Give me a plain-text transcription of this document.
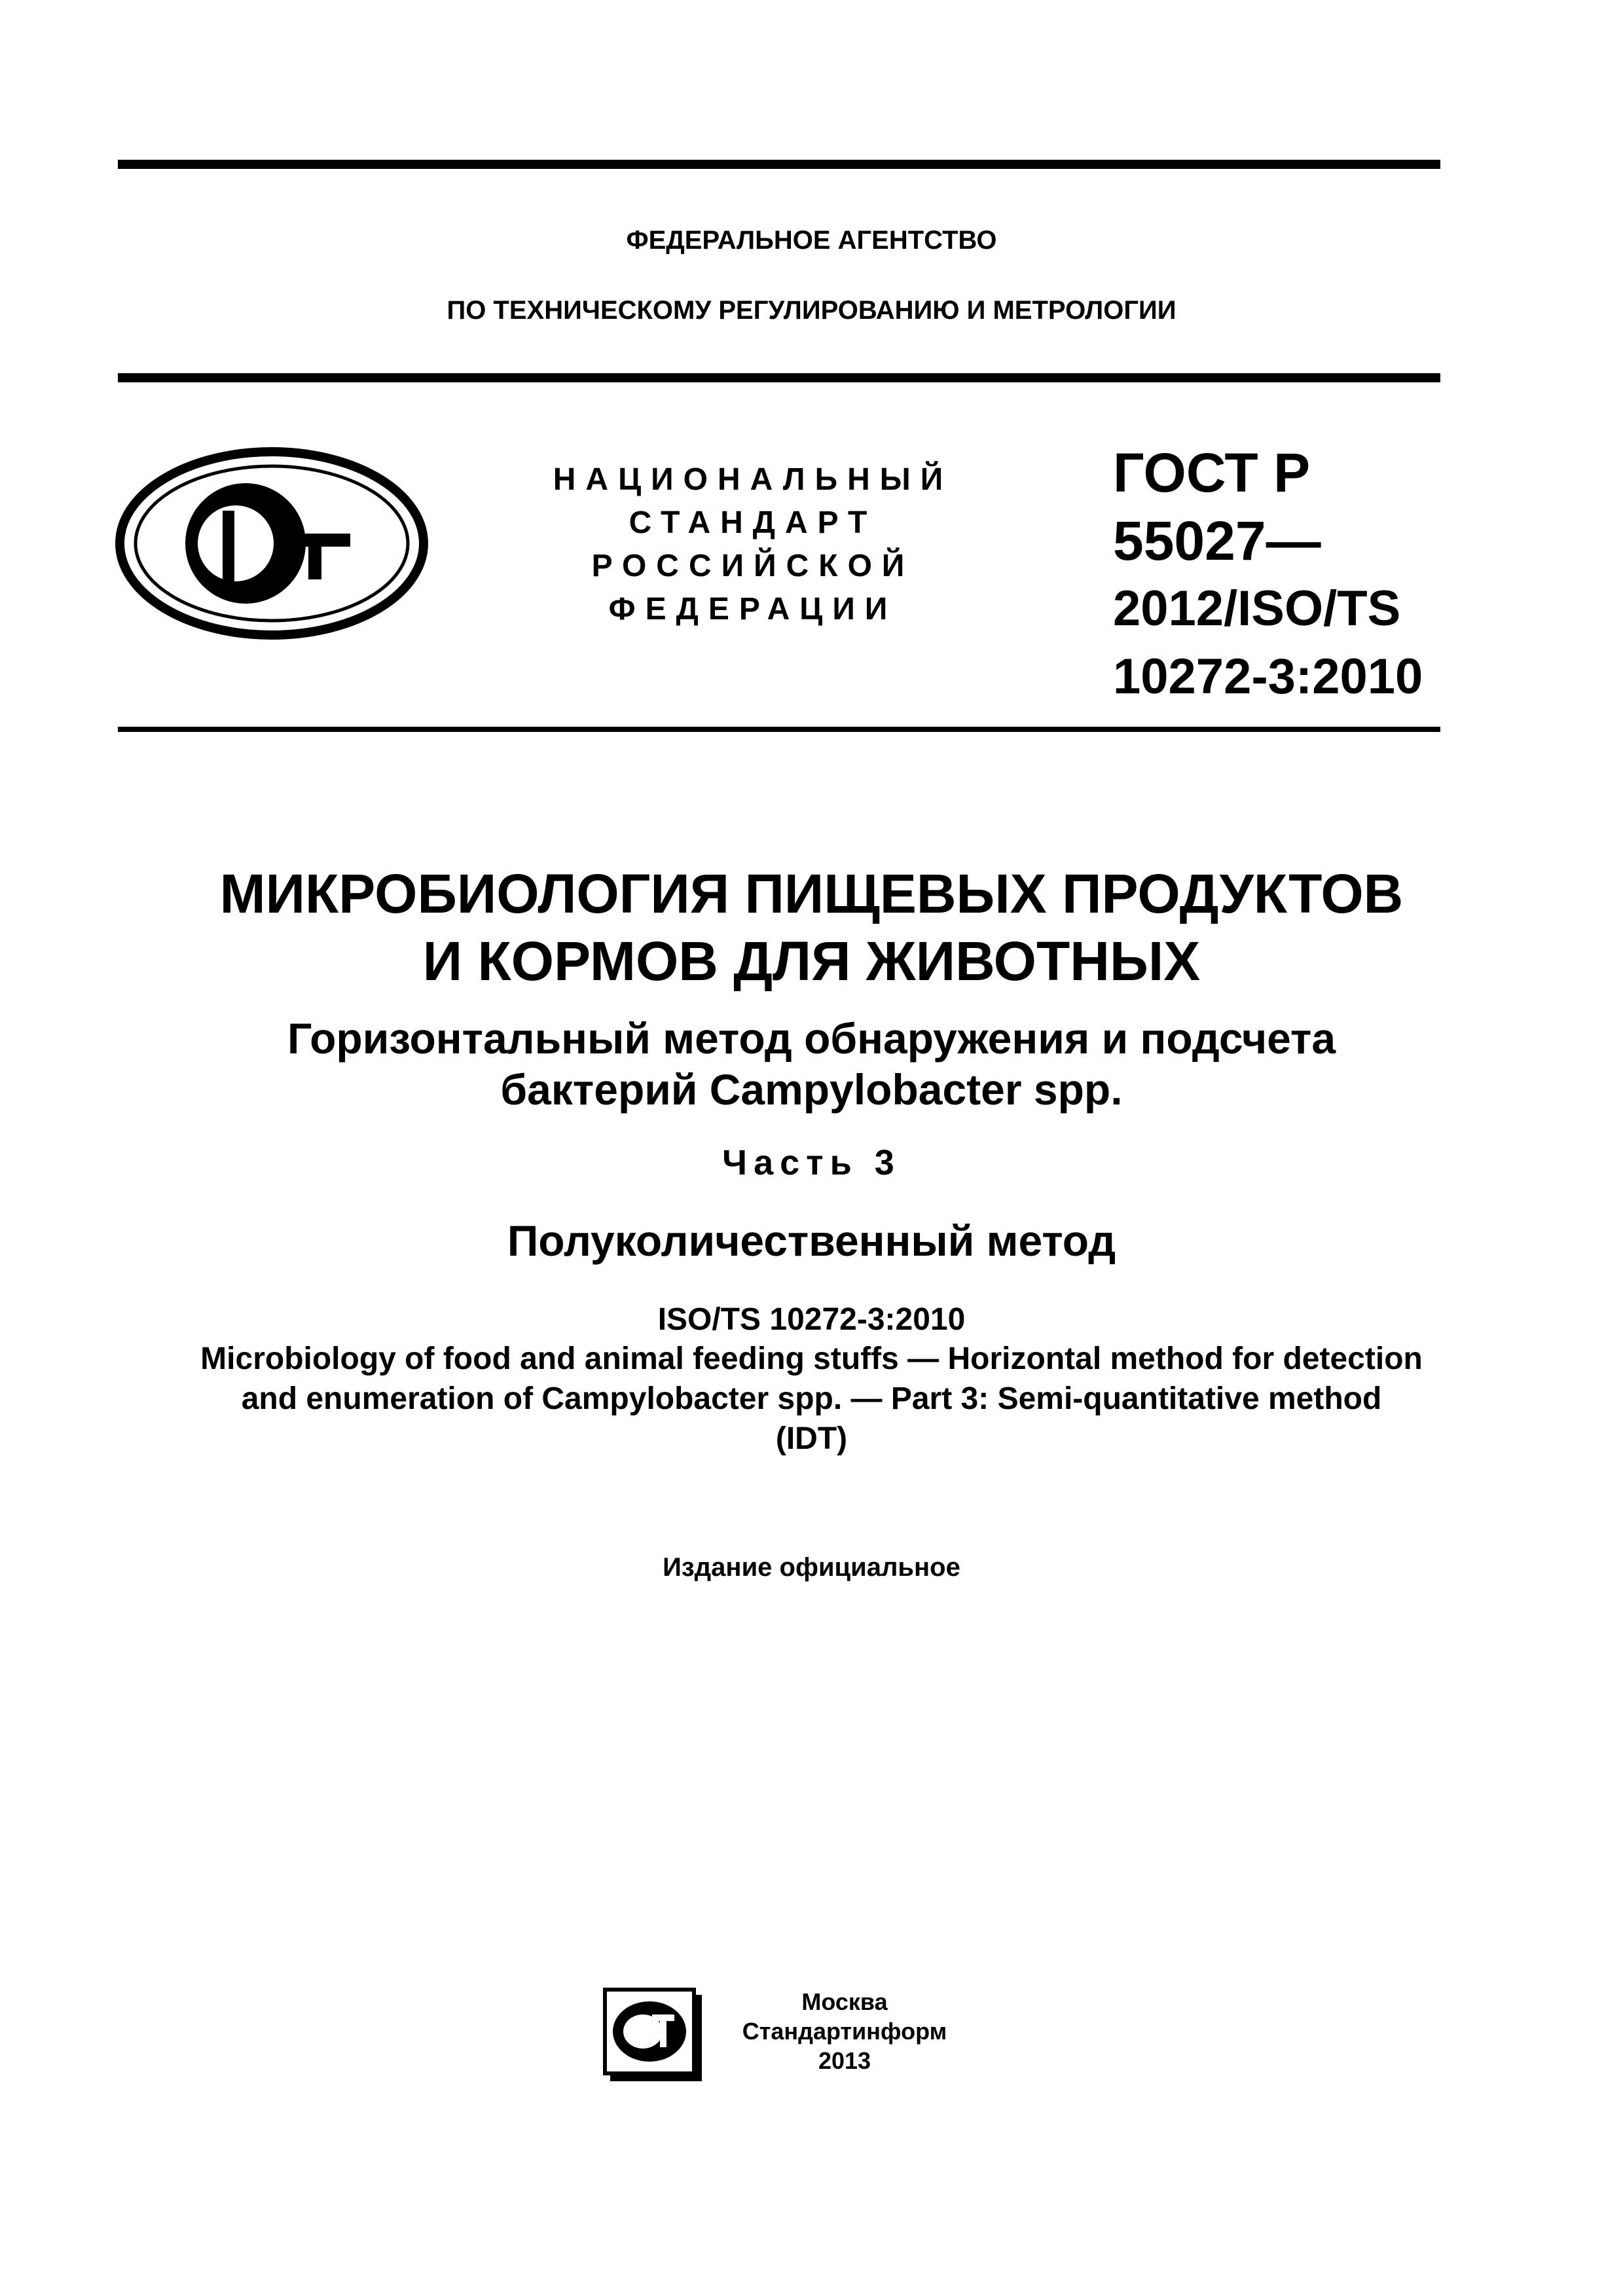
ФЕДЕРАЛЬНОЕ АГЕНТСТВО
ПО ТЕХНИЧЕСКОМУ РЕГУЛИРОВАНИЮ И МЕТРОЛОГИИ
РСТ
НАЦИОНАЛЬНЫЙ
СТАНДАРТ
РОССИЙСКОЙ
ФЕДЕРАЦИИ
ГОСТ Р
55027—
2012/ISO/TS
10272-3:2010
МИКРОБИОЛОГИЯ ПИЩЕВЫХ ПРОДУКТОВ
И КОРМОВ ДЛЯ ЖИВОТНЫХ
Горизонтальный метод обнаружения и подсчета
бактерий Campylobacter spp.
Часть 3
Полуколичественный метод
ISO/TS 10272-3:2010
Microbiology of food and animal feeding stuffs — Horizontal method for detection
and enumeration of Campylobacter spp. — Part 3: Semi-quantitative method
(IDT)
Издание официальное
СТИ
Москва
Стандартинформ
2013
